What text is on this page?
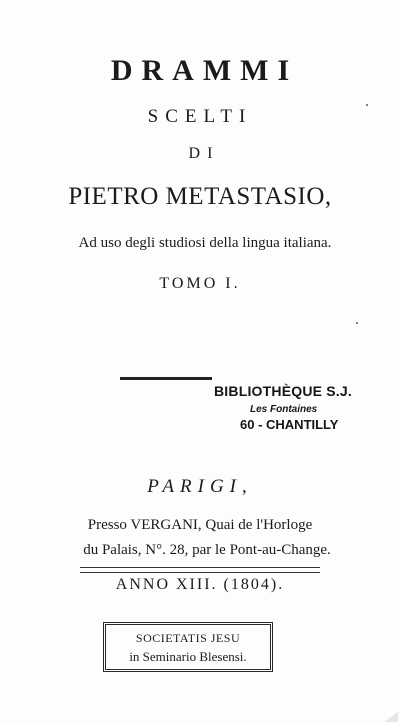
DRAMMI
SCELTI
DI
PIETRO METASTASIO,
Ad uso degli studiosi della lingua italiana.
TOMO I.
BIBLIOTHÈQUE S.J.
Les Fontaines
60 - CHANTILLY
PARIGI,
Presso VERGANI, Quai de l'Horloge
du Palais, N°. 28, par le Pont-au-Change.
ANNO XIII. (1804).
SOCIETATIS JESU
in Seminario Blesensi.
